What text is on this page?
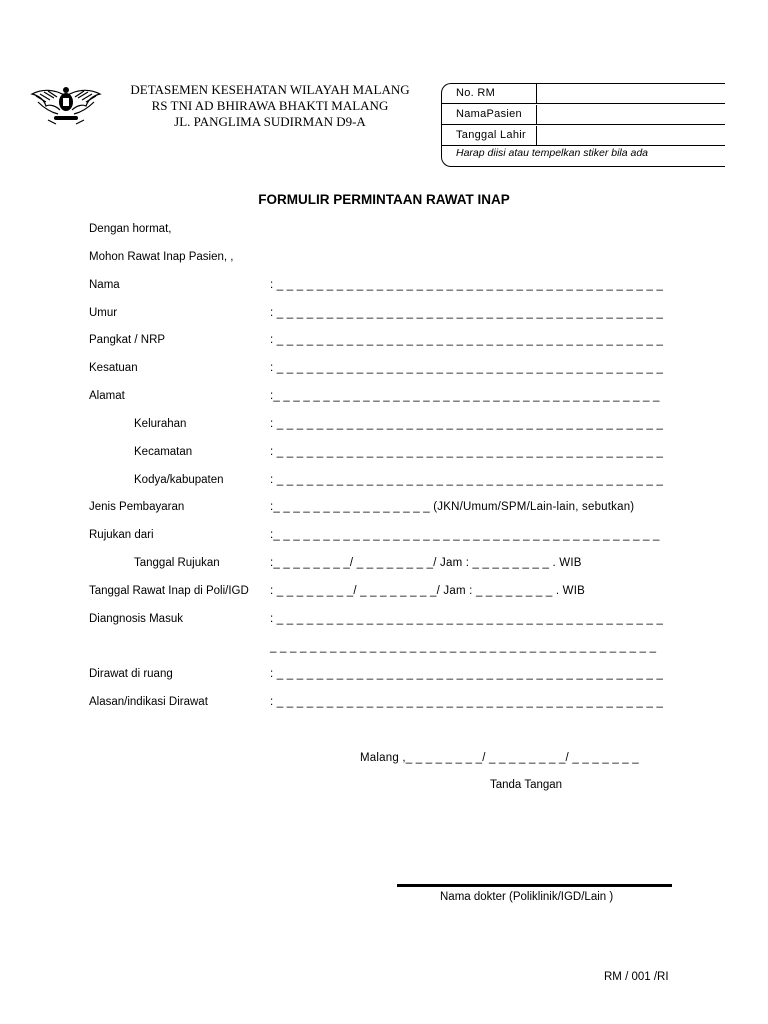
DETASEMEN KESEHATAN WILAYAH MALANG
RS TNI AD BHIRAWA BHAKTI MALANG
JL. PANGLIMA SUDIRMAN D9-A
No. RM
NamaPasien
Tanggal Lahir
Harap diisi atau tempelkan stiker bila ada
FORMULIR PERMINTAAN RAWAT INAP
Dengan hormat,
Mohon Rawat Inap Pasien, ,
Nama	: _ _ _ _ _ _ _ _ _ _ _ _ _ _ _ _ _ _ _ _ _ _ _ _ _ _ _ _ _ _ _ _ _ _ _ _ _ _ _
Umur	: _ _ _ _ _ _ _ _ _ _ _ _ _ _ _ _ _ _ _ _ _ _ _ _ _ _ _ _ _ _ _ _ _ _ _ _ _ _ _
Pangkat / NRP	: _ _ _ _ _ _ _ _ _ _ _ _ _ _ _ _ _ _ _ _ _ _ _ _ _ _ _ _ _ _ _ _ _ _ _ _ _ _ _
Kesatuan	: _ _ _ _ _ _ _ _ _ _ _ _ _ _ _ _ _ _ _ _ _ _ _ _ _ _ _ _ _ _ _ _ _ _ _ _ _ _ _
Alamat	:_ _ _ _ _ _ _ _ _ _ _ _ _ _ _ _ _ _ _ _ _ _ _ _ _ _ _ _ _ _ _ _ _ _ _ _ _ _ _
Kelurahan	: _ _ _ _ _ _ _ _ _ _ _ _ _ _ _ _ _ _ _ _ _ _ _ _ _ _ _ _ _ _ _ _ _ _ _ _ _ _ _
Kecamatan	: _ _ _ _ _ _ _ _ _ _ _ _ _ _ _ _ _ _ _ _ _ _ _ _ _ _ _ _ _ _ _ _ _ _ _ _ _ _ _
Kodya/kabupaten	: _ _ _ _ _ _ _ _ _ _ _ _ _ _ _ _ _ _ _ _ _ _ _ _ _ _ _ _ _ _ _ _ _ _ _ _ _ _ _
Jenis Pembayaran	:_ _ _ _ _ _ _ _ _ _ _ _ _ _ _ _ (JKN/Umum/SPM/Lain-lain, sebutkan)
Rujukan dari	:_ _ _ _ _ _ _ _ _ _ _ _ _ _ _ _ _ _ _ _ _ _ _ _ _ _ _ _ _ _ _ _ _ _ _ _ _ _ _
Tanggal Rujukan	:_ _ _ _ _ _ _ _/ _ _ _ _ _ _ _ _/ Jam : _ _ _ _ _ _ _ _ . WIB
Tanggal Rawat Inap di Poli/IGD : _ _ _ _ _ _ _ _/ _ _ _ _ _ _ _ _/ Jam : _ _ _ _ _ _ _ _ . WIB
Diangnosis Masuk	: _ _ _ _ _ _ _ _ _ _ _ _ _ _ _ _ _ _ _ _ _ _ _ _ _ _ _ _ _ _ _ _ _ _ _ _ _ _ _
_ _ _ _ _ _ _ _ _ _ _ _ _ _ _ _ _ _ _ _ _ _ _ _ _ _ _ _ _ _ _ _ _ _ _ _ _ _ _
Dirawat di ruang	: _ _ _ _ _ _ _ _ _ _ _ _ _ _ _ _ _ _ _ _ _ _ _ _ _ _ _ _ _ _ _ _ _ _ _ _ _ _ _
Alasan/indikasi Dirawat	: _ _ _ _ _ _ _ _ _ _ _ _ _ _ _ _ _ _ _ _ _ _ _ _ _ _ _ _ _ _ _ _ _ _ _ _ _ _ _
Malang ,_ _ _ _ _ _ _ _/ _ _ _ _ _ _ _ _/ _ _ _ _ _ _ _
Tanda Tangan
Nama dokter (Poliklinik/IGD/Lain )
RM / 001 /RI
